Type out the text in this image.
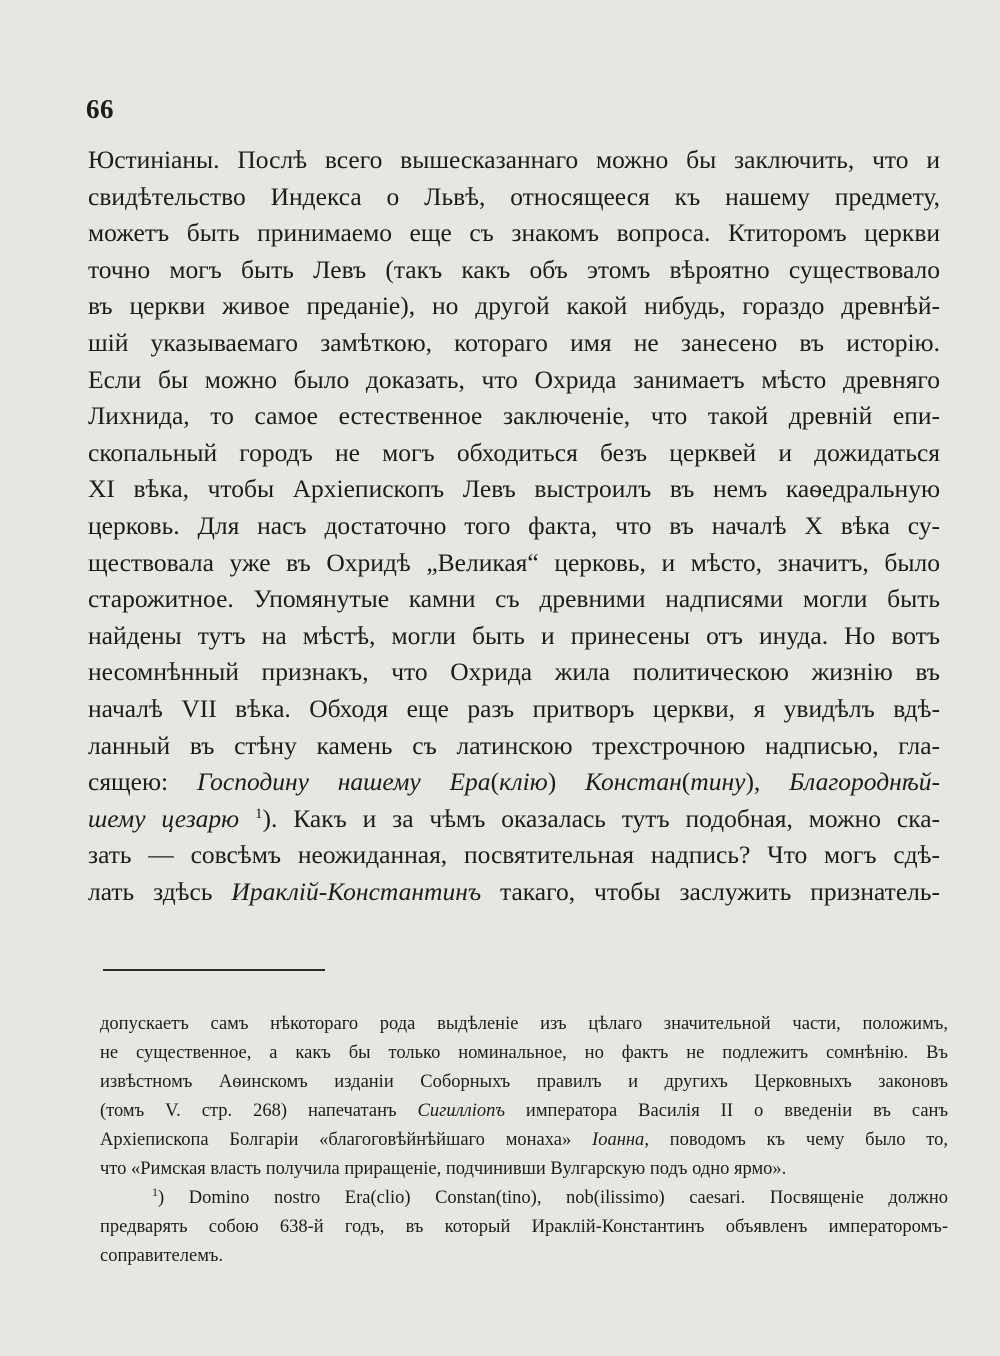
66
Юстиніаны. Послѣ всего вышесказаннаго можно бы заключить, что и
свидѣтельство Индекса о Львѣ, относящееся къ нашему предмету,
можетъ быть принимаемо еще съ знакомъ вопроса. Ктиторомъ церкви
точно могъ быть Левъ (такъ какъ объ этомъ вѣроятно существовало
въ церкви живое преданіе), но другой какой нибудь, гораздо древнѣй-
шій указываемаго замѣткою, котораго имя не занесено въ исторію.
Если бы можно было доказать, что Охрида занимаетъ мѣсто древняго
Лихнида, то самое естественное заключеніе, что такой древній епи-
скопальный городъ не могъ обходиться безъ церквей и дожидаться
XI вѣка, чтобы Архіепископъ Левъ выстроилъ въ немъ каѳедральную
церковь. Для насъ достаточно того факта, что въ началѣ X вѣка су-
ществовала уже въ Охридѣ „Великая“ церковь, и мѣсто, значитъ, было
старожитное. Упомянутые камни съ древними надписями могли быть
найдены тутъ на мѣстѣ, могли быть и принесены отъ инуда. Но вотъ
несомнѣнный признакъ, что Охрида жила политическою жизнію въ
началѣ VII вѣка. Обходя еще разъ притворъ церкви, я увидѣлъ вдѣ-
ланный въ стѣну камень съ латинскою трехстрочною надписью, гла-
сящею: Господину нашему Ера(клію) Констан(тину), Благороднѣй-
шему цезарю $^1$). Какъ и за чѣмъ оказалась тутъ подобная, можно ска-
зать — совсѣмъ неожиданная, посвятительная надпись? Что могъ сдѣ-
лать здѣсь Ираклій-Константинъ такаго, чтобы заслужить признатель-
допускаетъ самъ нѣкотораго рода выдѣленіе изъ цѣлаго значительной части, положимъ,
не существенное, а какъ бы только номинальное, но фактъ не подлежитъ сомнѣнію. Въ
извѣстномъ Аѳинскомъ изданіи Соборныхъ правилъ и другихъ Церковныхъ законовъ
(томъ V. стр. 268) напечатанъ Сигиллionъ императора Василія II о введеніи въ санъ
Архіепископа Болгаріи «благоговѣйнѣйшаго монаха» Іоанна, поводомъ къ чему было то,
что «Римская власть получила приращеніе, подчинивши Вулгарскую подъ одно ярмо».
$^1$) Domino nostro Era(clio) Constan(tino), nob(ilissimo) caesari. Посвященіе должно
предварять собою 638-й годъ, въ который Ираклій-Константинъ объявленъ императоромъ-
соправителемъ.
